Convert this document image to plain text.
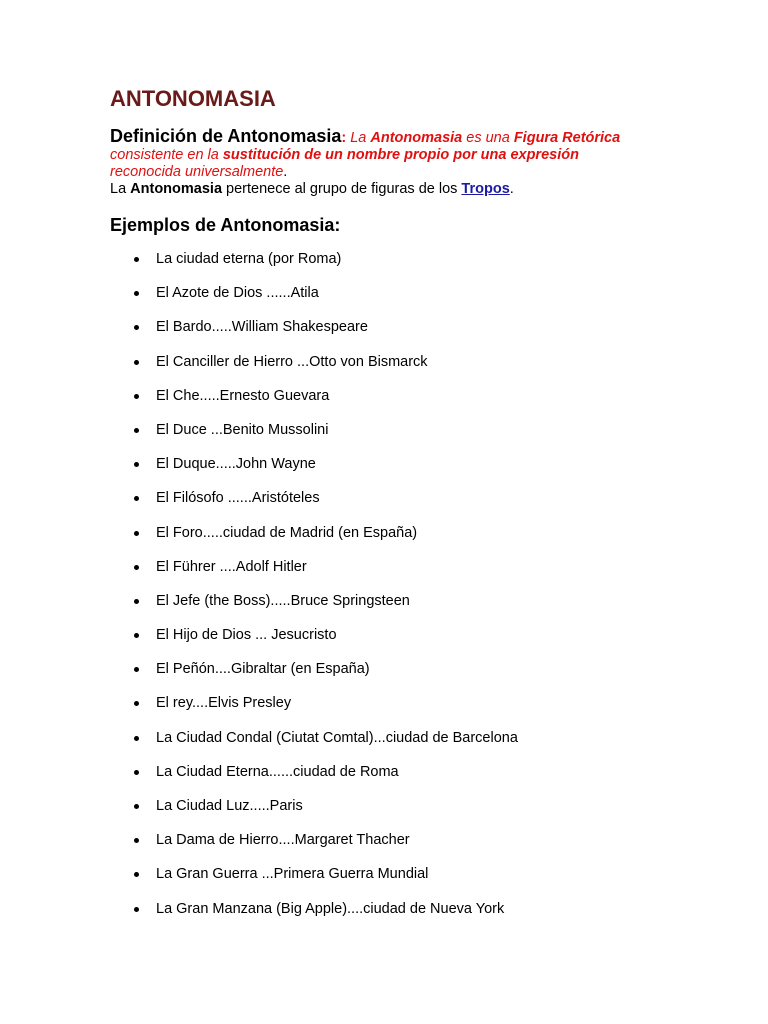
ANTONOMASIA
Definición de Antonomasia: La Antonomasia es una Figura Retórica consistente en la sustitución de un nombre propio por una expresión reconocida universalmente.
La Antonomasia pertenece al grupo de figuras de los Tropos.
Ejemplos de Antonomasia:
La ciudad eterna (por Roma)
El Azote de Dios ......Atila
El Bardo.....William Shakespeare
El Canciller de Hierro ...Otto von Bismarck
El Che.....Ernesto Guevara
El Duce ...Benito Mussolini
El Duque.....John Wayne
El Filósofo ......Aristóteles
El Foro.....ciudad de Madrid (en España)
El Führer ....Adolf Hitler
El Jefe (the Boss).....Bruce Springsteen
El Hijo de Dios ... Jesucristo
El Peñón....Gibraltar (en España)
El rey....Elvis Presley
La Ciudad Condal (Ciutat Comtal)...ciudad de Barcelona
La Ciudad Eterna......ciudad de Roma
La Ciudad Luz.....Paris
La Dama de Hierro....Margaret Thacher
La Gran Guerra ...Primera Guerra Mundial
La Gran Manzana (Big Apple)....ciudad de Nueva York
